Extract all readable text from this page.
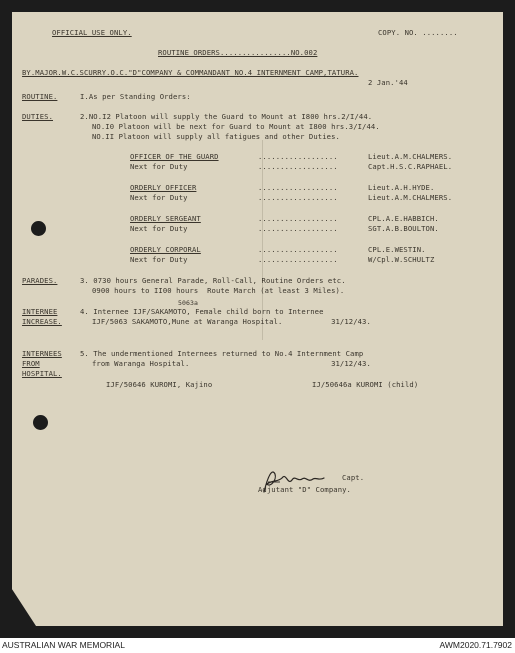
OFFICIAL USE ONLY.	COPY. NO. ........
ROUTINE ORDERS................NO.002
BY.MAJOR.W.C.SCURRY.O.C."D"COMPANY & COMMANDANT NO.4 INTERNMENT CAMP,TATURA.
2 Jan.'44
ROUTINE.	I.As per Standing Orders:
DUTIES.	2.NO.I2 Platoon will supply the Guard to Mount at I800 hrs.2/I/44.
NO.I0 Platoon will be next for Guard to Mount at I800 hrs.3/I/44.
NO.II Platoon will supply all fatigues and other Duties.
OFFICER OF THE GUARD	..................	Lieut.A.M.CHALMERS.
Next for Duty	..................	Capt.H.S.C.RAPHAEL.
ORDERLY OFFICER	..................	Lieut.A.H.HYDE.
Next for Duty	..................	Lieut.A.M.CHALMERS.
ORDERLY SERGEANT	..................	CPL.A.E.HABBICH.
Next for Duty	..................	SGT.A.B.BOULTON.
ORDERLY CORPORAL	..................	CPL.E.WESTIN.
Next for Duty	..................	W/Cpl.W.SCHULTZ
PARADES.	3. 0730 hours General Parade, Roll-Call, Routine Orders etc.
0900 hours to II00 hours  Route March (at least 3 Miles).
5063a
INTERNEE
INCREASE.
4. Internee IJF/SAKAMOTO, Female child born to Internee
IJF/5063 SAKAMOTO,Mune at Waranga Hospital.           31/12/43.
INTERNEES
FROM
HOSPITAL.
5. The undermentioned Internees returned to No.4 Internment Camp
from Waranga Hospital.                                31/12/43.
IJF/50646 KUROMI, Kajino	IJ/50646a KUROMI (child)
Capt.
Adjutant "D" Company.
AUSTRALIAN WAR MEMORIAL	AWM2020.71.7902
